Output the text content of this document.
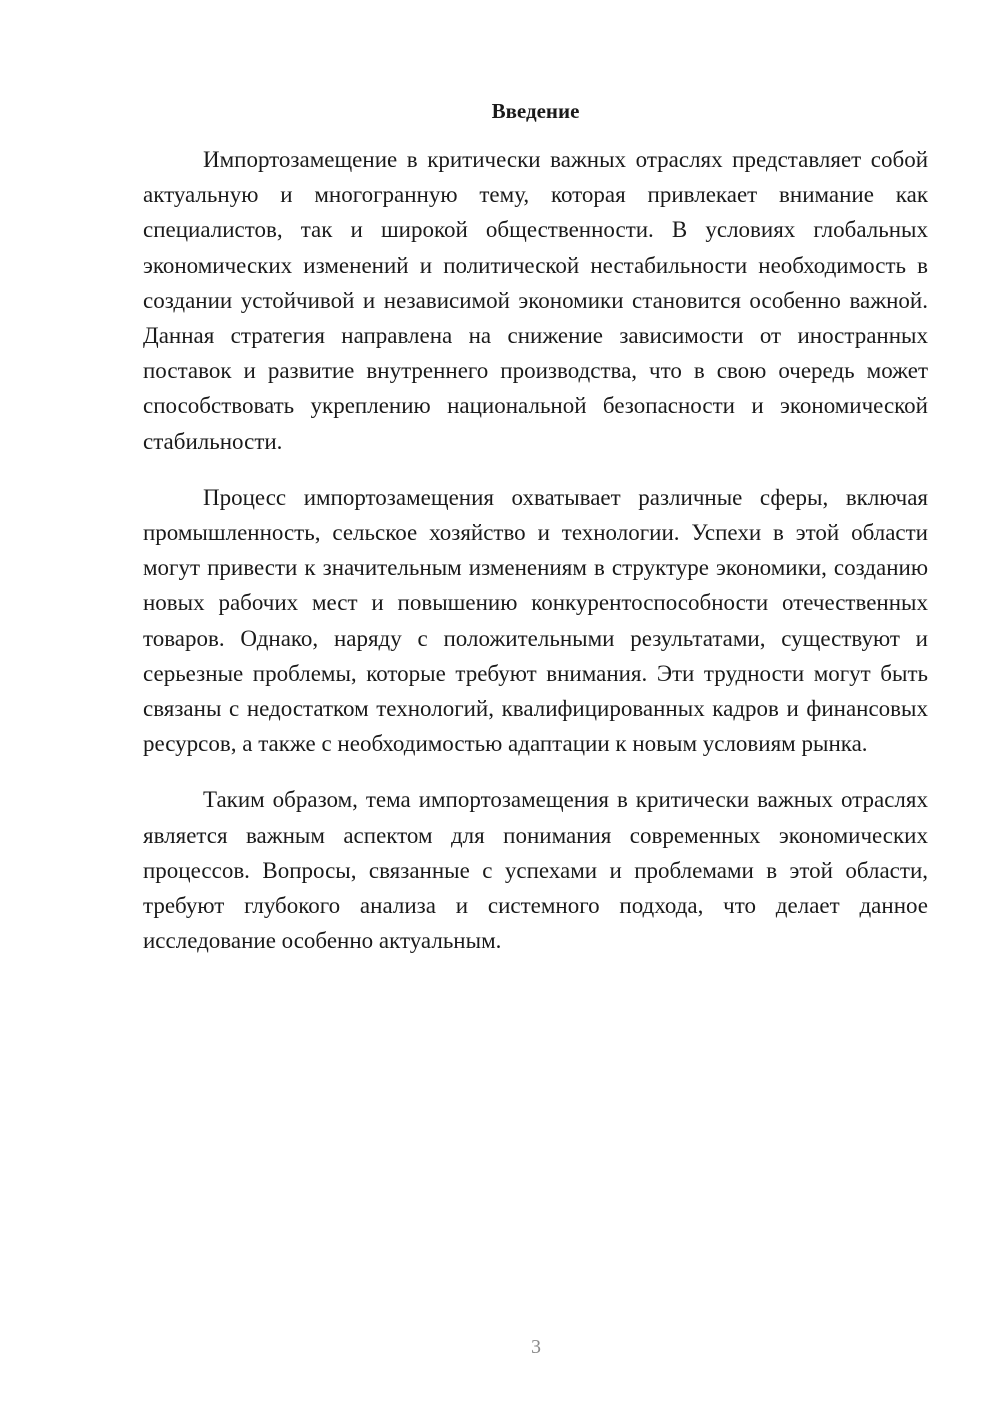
Введение

Импортозамещение в критически важных отраслях представляет собой актуальную и многогранную тему, которая привлекает внимание как специалистов, так и широкой общественности. В условиях глобальных экономических изменений и политической нестабильности необходимость в создании устойчивой и независимой экономики становится особенно важной. Данная стратегия направлена на снижение зависимости от иностранных поставок и развитие внутреннего производства, что в свою очередь может способствовать укреплению национальной безопасности и экономической стабильности.

Процесс импортозамещения охватывает различные сферы, включая промышленность, сельское хозяйство и технологии. Успехи в этой области могут привести к значительным изменениям в структуре экономики, созданию новых рабочих мест и повышению конкурентоспособности отечественных товаров. Однако, наряду с положительными результатами, существуют и серьезные проблемы, которые требуют внимания. Эти трудности могут быть связаны с недостатком технологий, квалифицированных кадров и финансовых ресурсов, а также с необходимостью адаптации к новым условиям рынка.

Таким образом, тема импортозамещения в критически важных отраслях является важным аспектом для понимания современных экономических процессов. Вопросы, связанные с успехами и проблемами в этой области, требуют глубокого анализа и системного подхода, что делает данное исследование особенно актуальным.

3
